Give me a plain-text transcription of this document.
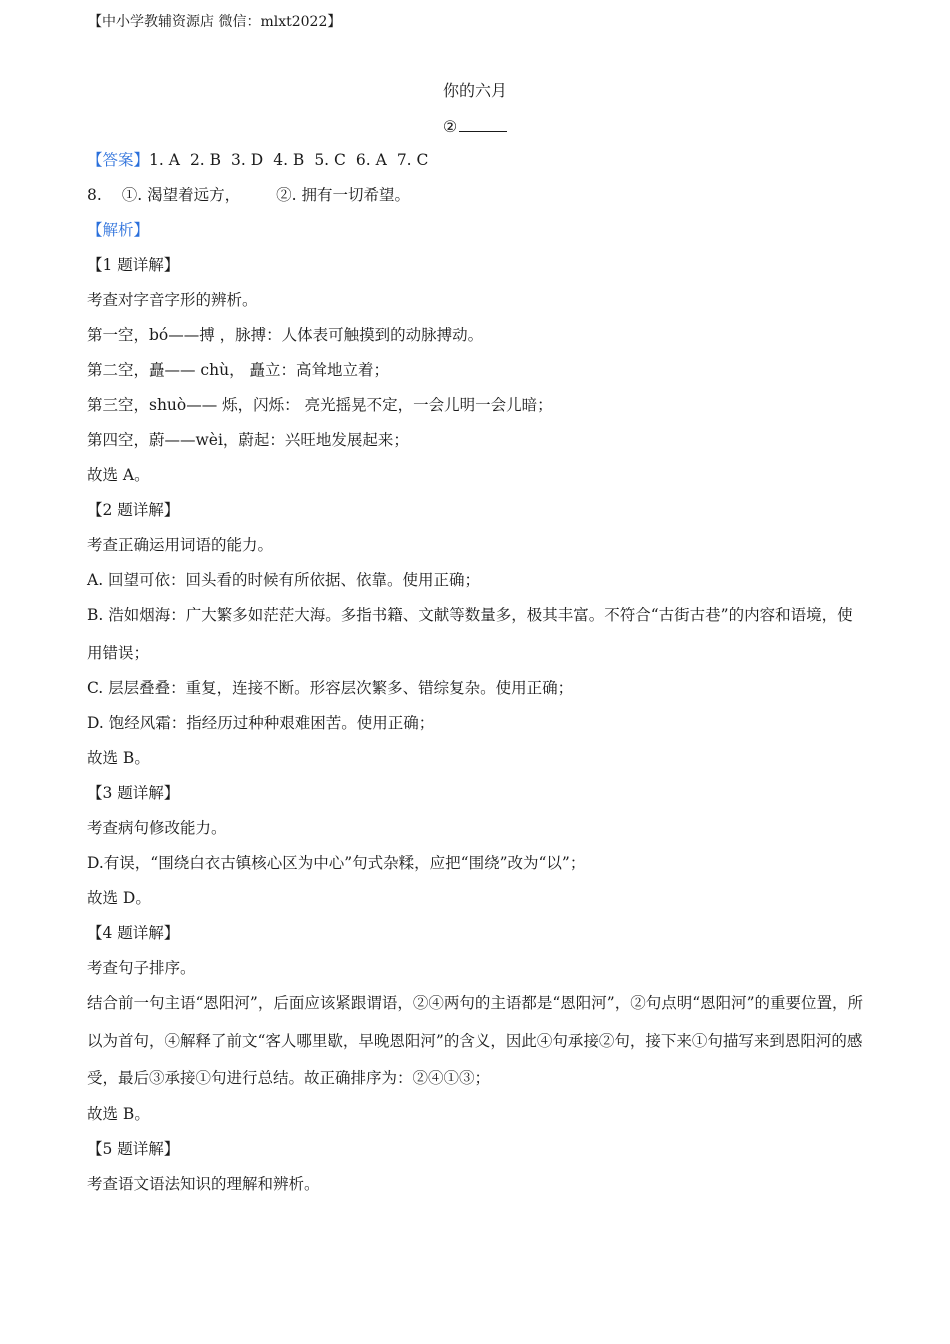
【中小学教辅资源店 微信：mlxt2022】
你的六月
②
【答案】1. A 2. B 3. D 4. B 5. C 6. A 7. C
8. ①. 渴望着远方， ②. 拥有一切希望。
【解析】
【1 题详解】
考查对字音字形的辨析。
第一空，bó——搏 ，脉搏：人体表可触摸到的动脉搏动。
第二空，矗—— chù， 矗立：高耸地立着；
第三空，shuò—— 烁，闪烁： 亮光摇晃不定，一会儿明一会儿暗；
第四空，蔚——wèi，蔚起：兴旺地发展起来；
故选 A。
【2 题详解】
考查正确运用词语的能力。
A. 回望可依：回头看的时候有所依据、依靠。使用正确；
B. 浩如烟海：广大繁多如茫茫大海。多指书籍、文献等数量多，极其丰富。不符合“古街古巷”的内容和语境，使用错误；
C. 层层叠叠：重复，连接不断。形容层次繁多、错综复杂。使用正确；
D. 饱经风霜：指经历过种种艰难困苦。使用正确；
故选 B。
【3 题详解】
考查病句修改能力。
D.有误，“围绕白衣古镇核心区为中心”句式杂糅，应把“围绕”改为“以”；
故选 D。
【4 题详解】
考查句子排序。
结合前一句主语“恩阳河”，后面应该紧跟谓语，②④两句的主语都是“恩阳河”，②句点明“恩阳河”的重要位置，所以为首句，④解释了前文“客人哪里歇，早晚恩阳河”的含义，因此④句承接②句，接下来①句描写来到恩阳河的感受，最后③承接①句进行总结。故正确排序为：②④①③；
故选 B。
【5 题详解】
考查语文语法知识的理解和辨析。
